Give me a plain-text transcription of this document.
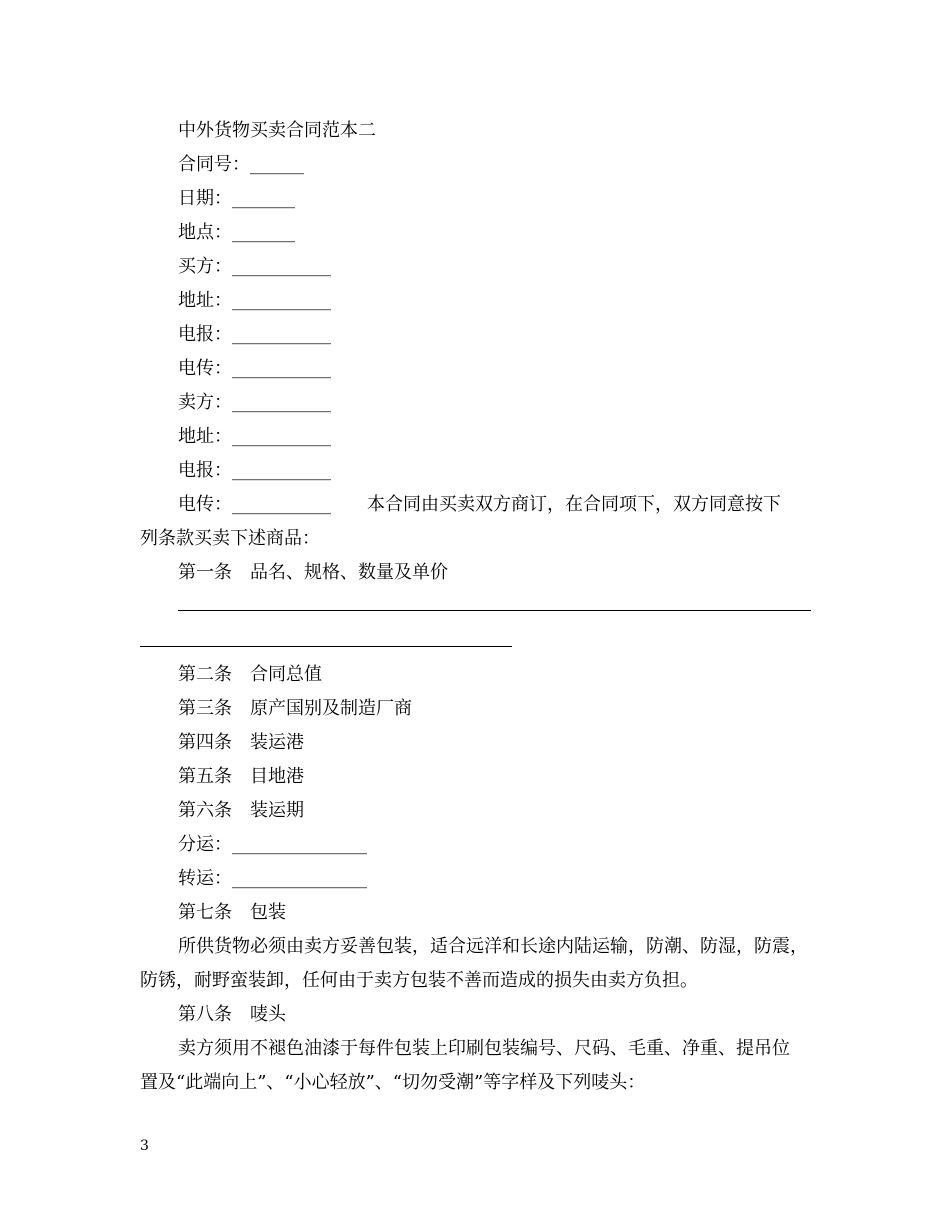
中外货物买卖合同范本二
合同号：______
日期：_______
地点：_______
买方：___________
地址：___________
电报：___________
电传：___________
卖方：___________
地址：___________
电报：___________
电传：___________　　本合同由买卖双方商订，在合同项下，双方同意按下
列条款买卖下述商品：
第一条　品名、规格、数量及单价
第二条　合同总值
第三条　原产国别及制造厂商
第四条　装运港
第五条　目地港
第六条　装运期
分运：_______________
转运：_______________
第七条　包装
所供货物必须由卖方妥善包装，适合远洋和长途内陆运输，防潮、防湿，防震，
防锈，耐野蛮装卸，任何由于卖方包装不善而造成的损失由卖方负担。
第八条　唛头
卖方须用不褪色油漆于每件包装上印刷包装编号、尺码、毛重、净重、提吊位
置及“此端向上”、“小心轻放”、“切勿受潮”等字样及下列唛头：
3
